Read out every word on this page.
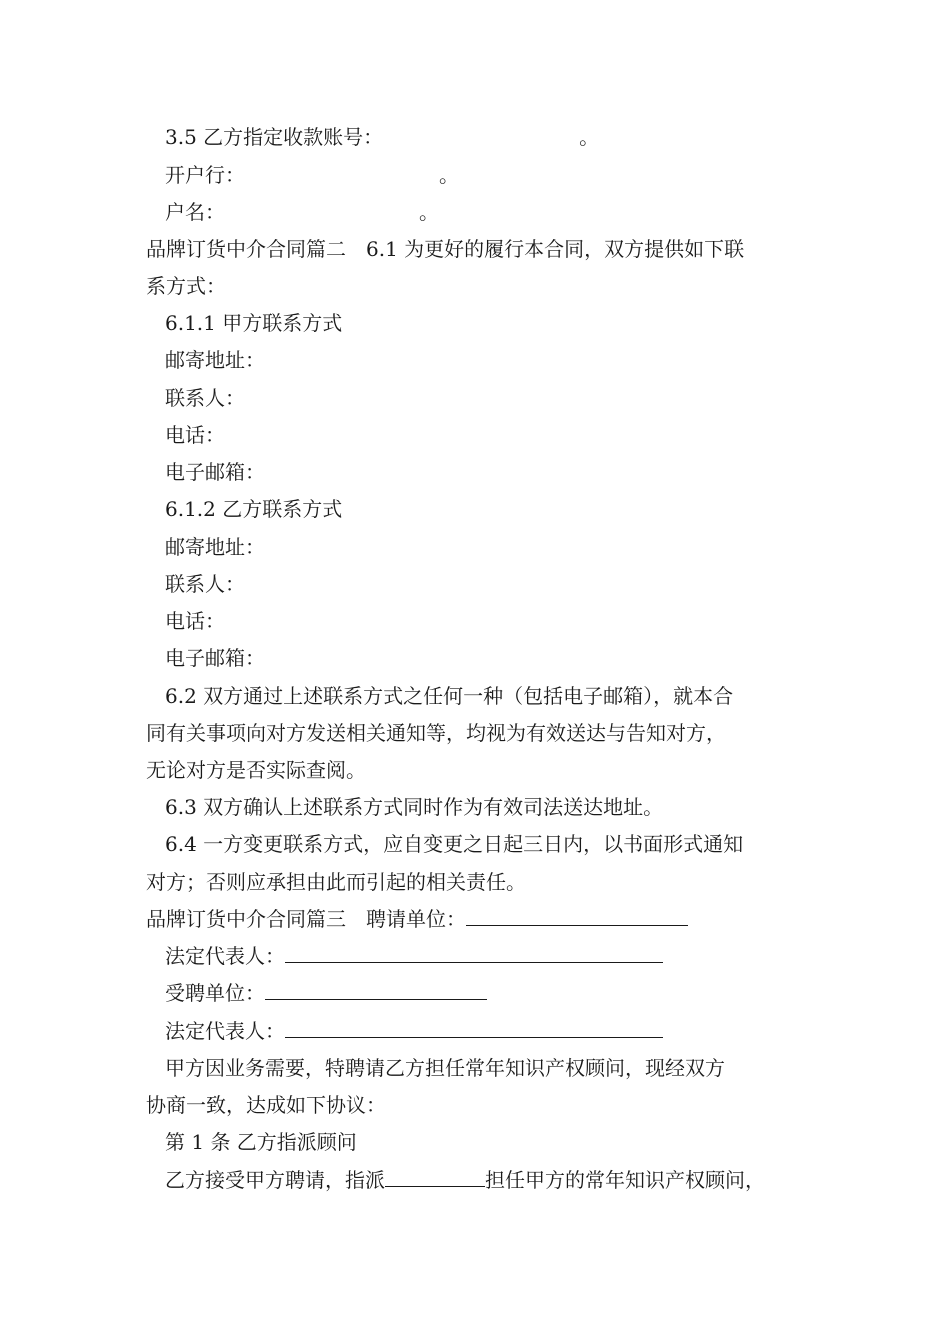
3.5 乙方指定收款账号：	。
开户行：	。
户名：	。
品牌订货中介合同篇二 6.1 为更好的履行本合同，双方提供如下联
系方式：
6.1.1 甲方联系方式
邮寄地址：
联系人：
电话：
电子邮箱：
6.1.2 乙方联系方式
邮寄地址：
联系人：
电话：
电子邮箱：
6.2 双方通过上述联系方式之任何一种（包括电子邮箱），就本合
同有关事项向对方发送相关通知等，均视为有效送达与告知对方，
无论对方是否实际查阅。
6.3 双方确认上述联系方式同时作为有效司法送达地址。
6.4 一方变更联系方式，应自变更之日起三日内，以书面形式通知
对方；否则应承担由此而引起的相关责任。
品牌订货中介合同篇三 聘请单位：
法定代表人：
受聘单位：
法定代表人：
甲方因业务需要，特聘请乙方担任常年知识产权顾问，现经双方
协商一致，达成如下协议：
第 1 条 乙方指派顾问
乙方接受甲方聘请，指派	担任甲方的常年知识产权顾问，
